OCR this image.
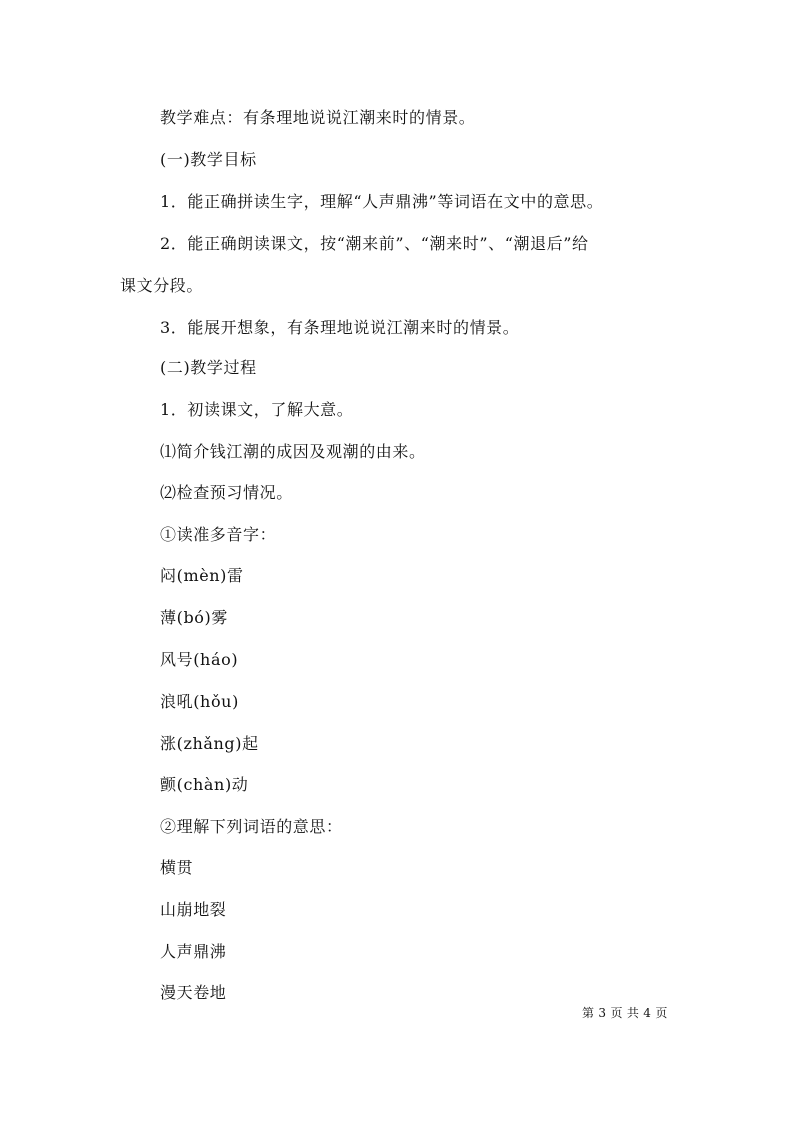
教学难点：有条理地说说江潮来时的情景。
(一)教学目标
1．能正确拼读生字，理解“人声鼎沸”等词语在文中的意思。
2．能正确朗读课文，按“潮来前”、“潮来时”、“潮退后”给
课文分段。
3．能展开想象，有条理地说说江潮来时的情景。
(二)教学过程
1．初读课文，了解大意。
⑴简介钱江潮的成因及观潮的由来。
⑵检查预习情况。
①读准多音字：
闷(mèn)雷
薄(bó)雾
风号(háo)
浪吼(hǒu)
涨(zhǎng)起
颤(chàn)动
②理解下列词语的意思：
横贯
山崩地裂
人声鼎沸
漫天卷地
第 3 页 共 4 页
